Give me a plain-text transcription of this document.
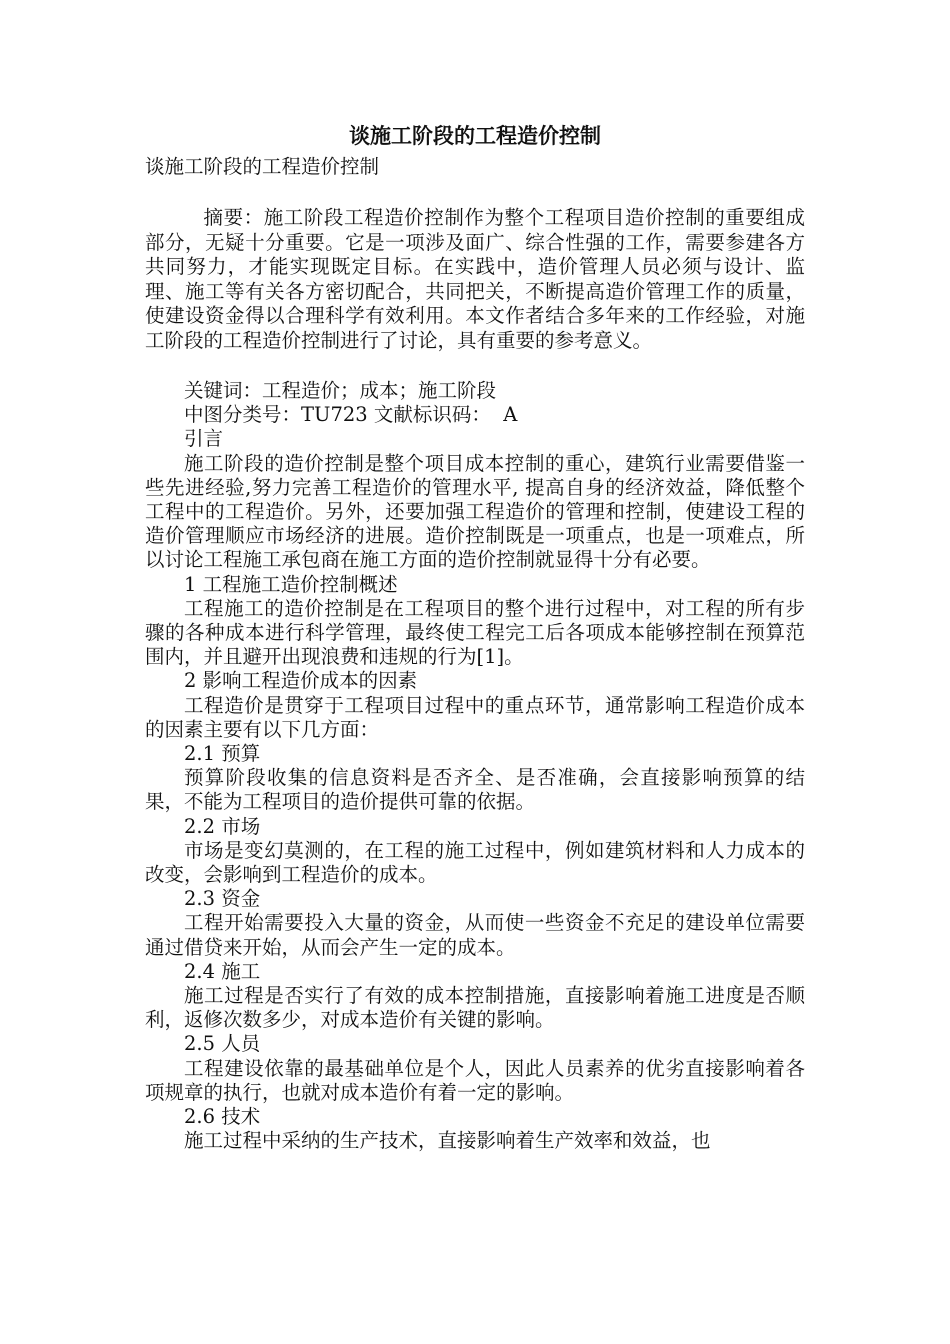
谈施工阶段的工程造价控制

谈施工阶段的工程造价控制

摘要：施工阶段工程造价控制作为整个工程项目造价控制的重要组成部分，无疑十分重要。它是一项涉及面广、综合性强的工作，需要参建各方共同努力，才能实现既定目标。在实践中，造价管理人员必须与设计、监理、施工等有关各方密切配合，共同把关，不断提高造价管理工作的质量，使建设资金得以合理科学有效利用。本文作者结合多年来的工作经验，对施工阶段的工程造价控制进行了讨论，具有重要的参考意义。

关键词：工程造价；成本；施工阶段

中图分类号：TU723 文献标识码：  A

引言

施工阶段的造价控制是整个项目成本控制的重心，建筑行业需要借鉴一些先进经验,努力完善工程造价的管理水平, 提高自身的经济效益，降低整个工程中的工程造价。另外，还要加强工程造价的管理和控制，使建设工程的造价管理顺应市场经济的进展。造价控制既是一项重点，也是一项难点，所以讨论工程施工承包商在施工方面的造价控制就显得十分有必要。

1 工程施工造价控制概述

工程施工的造价控制是在工程项目的整个进行过程中，对工程的所有步骤的各种成本进行科学管理，最终使工程完工后各项成本能够控制在预算范围内，并且避开出现浪费和违规的行为[1]。

2 影响工程造价成本的因素

工程造价是贯穿于工程项目过程中的重点环节，通常影响工程造价成本的因素主要有以下几方面：

2.1 预算

预算阶段收集的信息资料是否齐全、是否准确，会直接影响预算的结果，不能为工程项目的造价提供可靠的依据。

2.2 市场

市场是变幻莫测的，在工程的施工过程中，例如建筑材料和人力成本的改变，会影响到工程造价的成本。

2.3 资金

工程开始需要投入大量的资金，从而使一些资金不充足的建设单位需要通过借贷来开始，从而会产生一定的成本。

2.4 施工

施工过程是否实行了有效的成本控制措施，直接影响着施工进度是否顺利，返修次数多少，对成本造价有关键的影响。

2.5 人员

工程建设依靠的最基础单位是个人，因此人员素养的优劣直接影响着各项规章的执行，也就对成本造价有着一定的影响。

2.6 技术

施工过程中采纳的生产技术，直接影响着生产效率和效益，也
